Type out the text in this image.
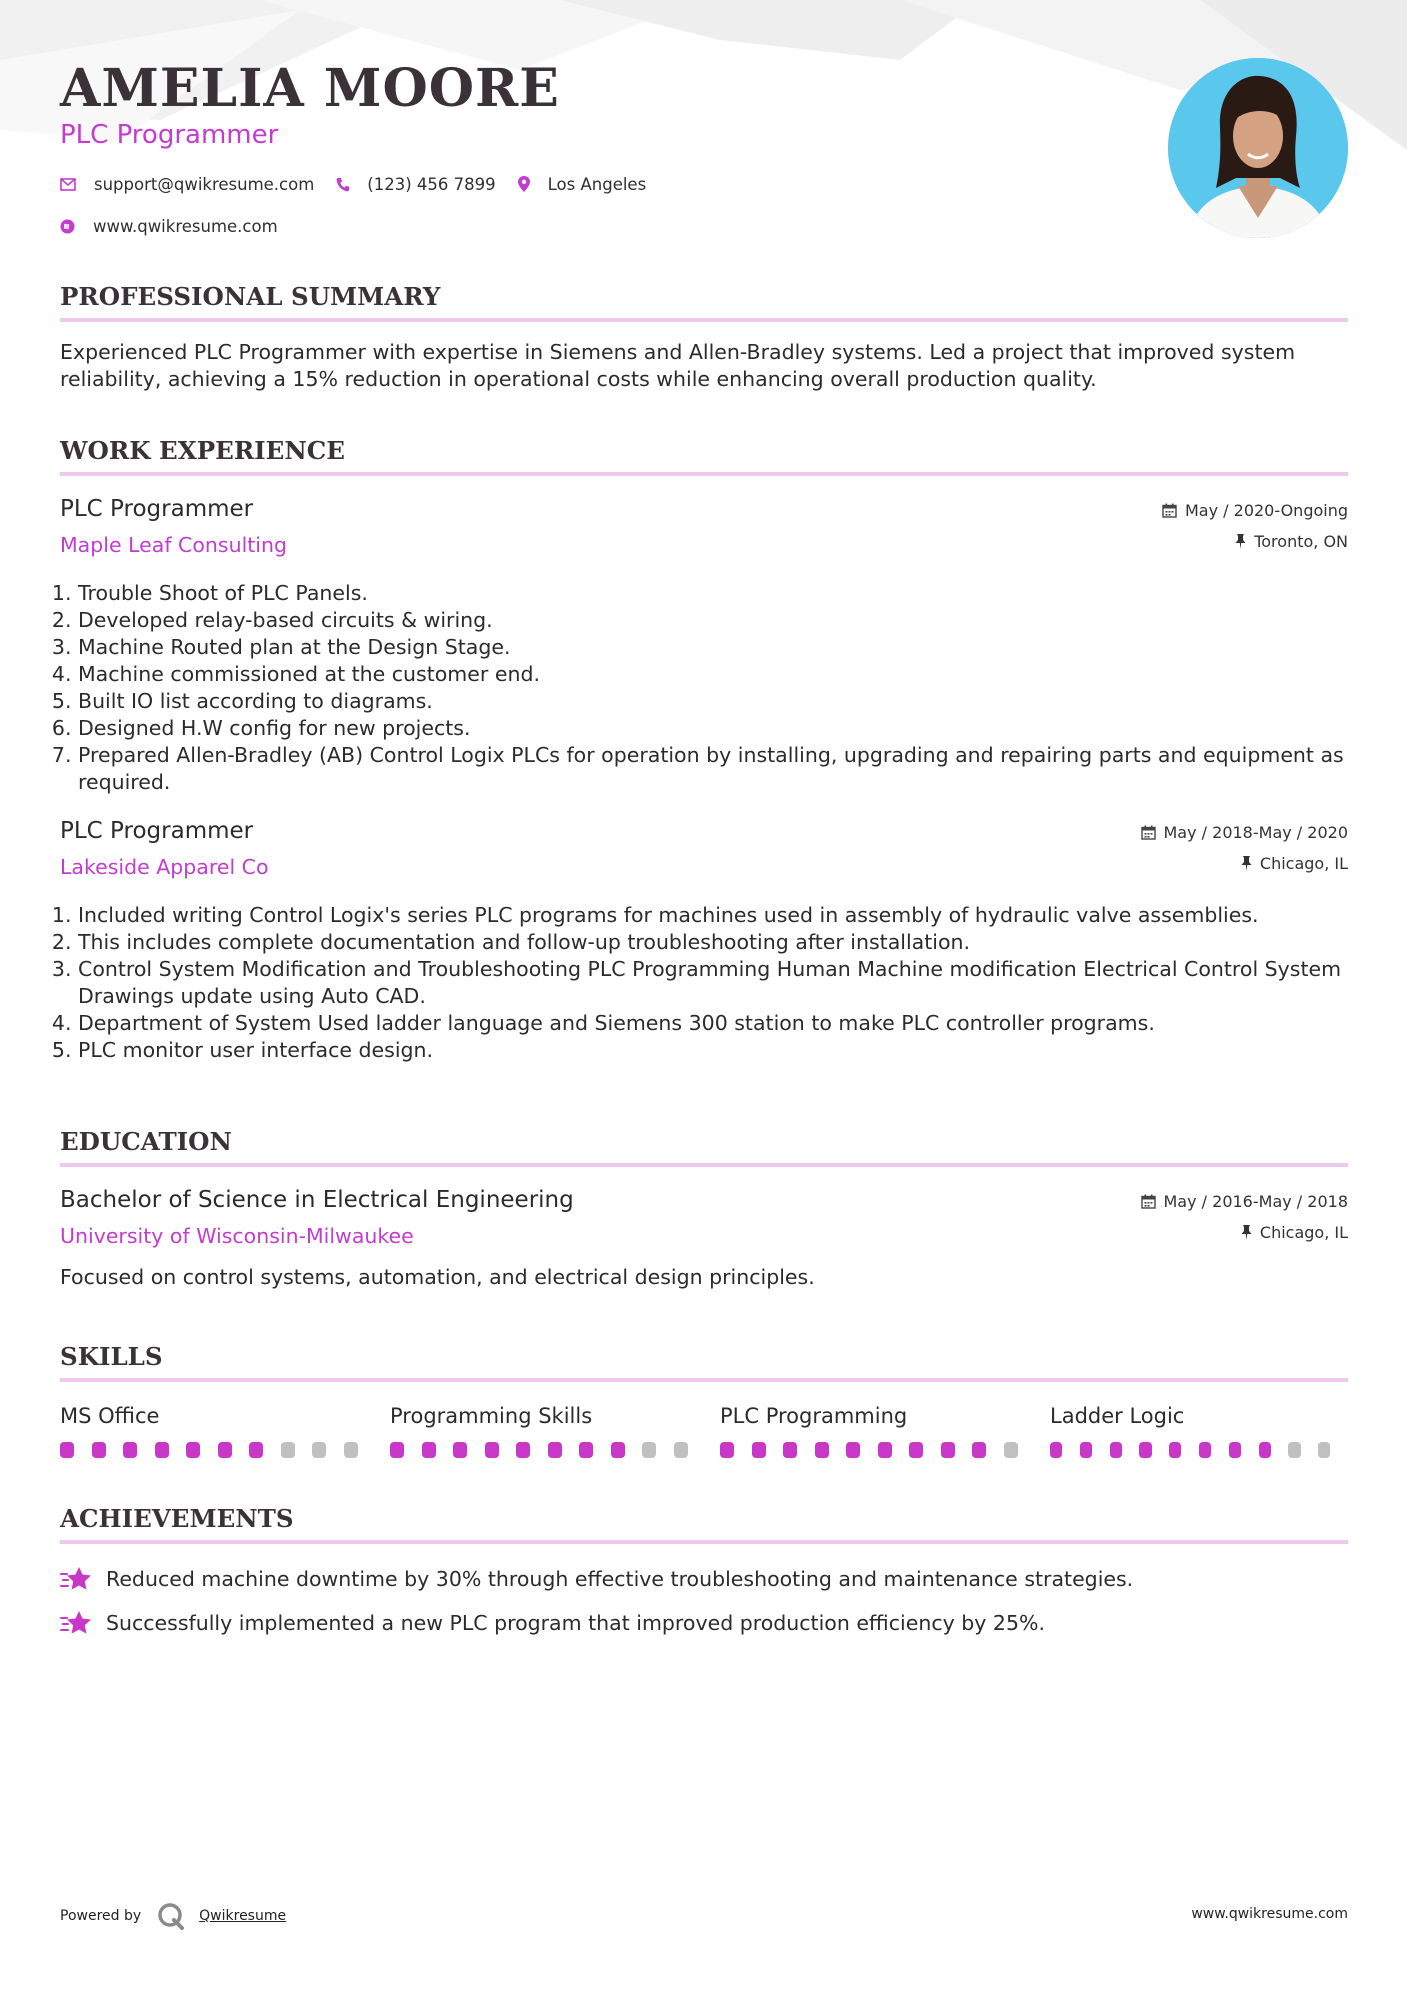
AMELIA MOORE
PLC Programmer
support@qwikresume.com	(123) 456 7899	Los Angeles
www.qwikresume.com
PROFESSIONAL SUMMARY
Experienced PLC Programmer with expertise in Siemens and Allen-Bradley systems. Led a project that improved system reliability, achieving a 15% reduction in operational costs while enhancing overall production quality.
WORK EXPERIENCE
PLC Programmer
Maple Leaf Consulting
May / 2020-Ongoing
Toronto, ON
1. Trouble Shoot of PLC Panels.
2. Developed relay-based circuits & wiring.
3. Machine Routed plan at the Design Stage.
4. Machine commissioned at the customer end.
5. Built IO list according to diagrams.
6. Designed H.W config for new projects.
7. Prepared Allen-Bradley (AB) Control Logix PLCs for operation by installing, upgrading and repairing parts and equipment as required.
PLC Programmer
Lakeside Apparel Co
May / 2018-May / 2020
Chicago, IL
1. Included writing Control Logix's series PLC programs for machines used in assembly of hydraulic valve assemblies.
2. This includes complete documentation and follow-up troubleshooting after installation.
3. Control System Modification and Troubleshooting PLC Programming Human Machine modification Electrical Control System Drawings update using Auto CAD.
4. Department of System Used ladder language and Siemens 300 station to make PLC controller programs.
5. PLC monitor user interface design.
EDUCATION
Bachelor of Science in Electrical Engineering
University of Wisconsin-Milwaukee
May / 2016-May / 2018
Chicago, IL
Focused on control systems, automation, and electrical design principles.
SKILLS
MS Office	Programming Skills	PLC Programming	Ladder Logic
ACHIEVEMENTS
Reduced machine downtime by 30% through effective troubleshooting and maintenance strategies.
Successfully implemented a new PLC program that improved production efficiency by 25%.
Powered by	Qwikresume	www.qwikresume.com
